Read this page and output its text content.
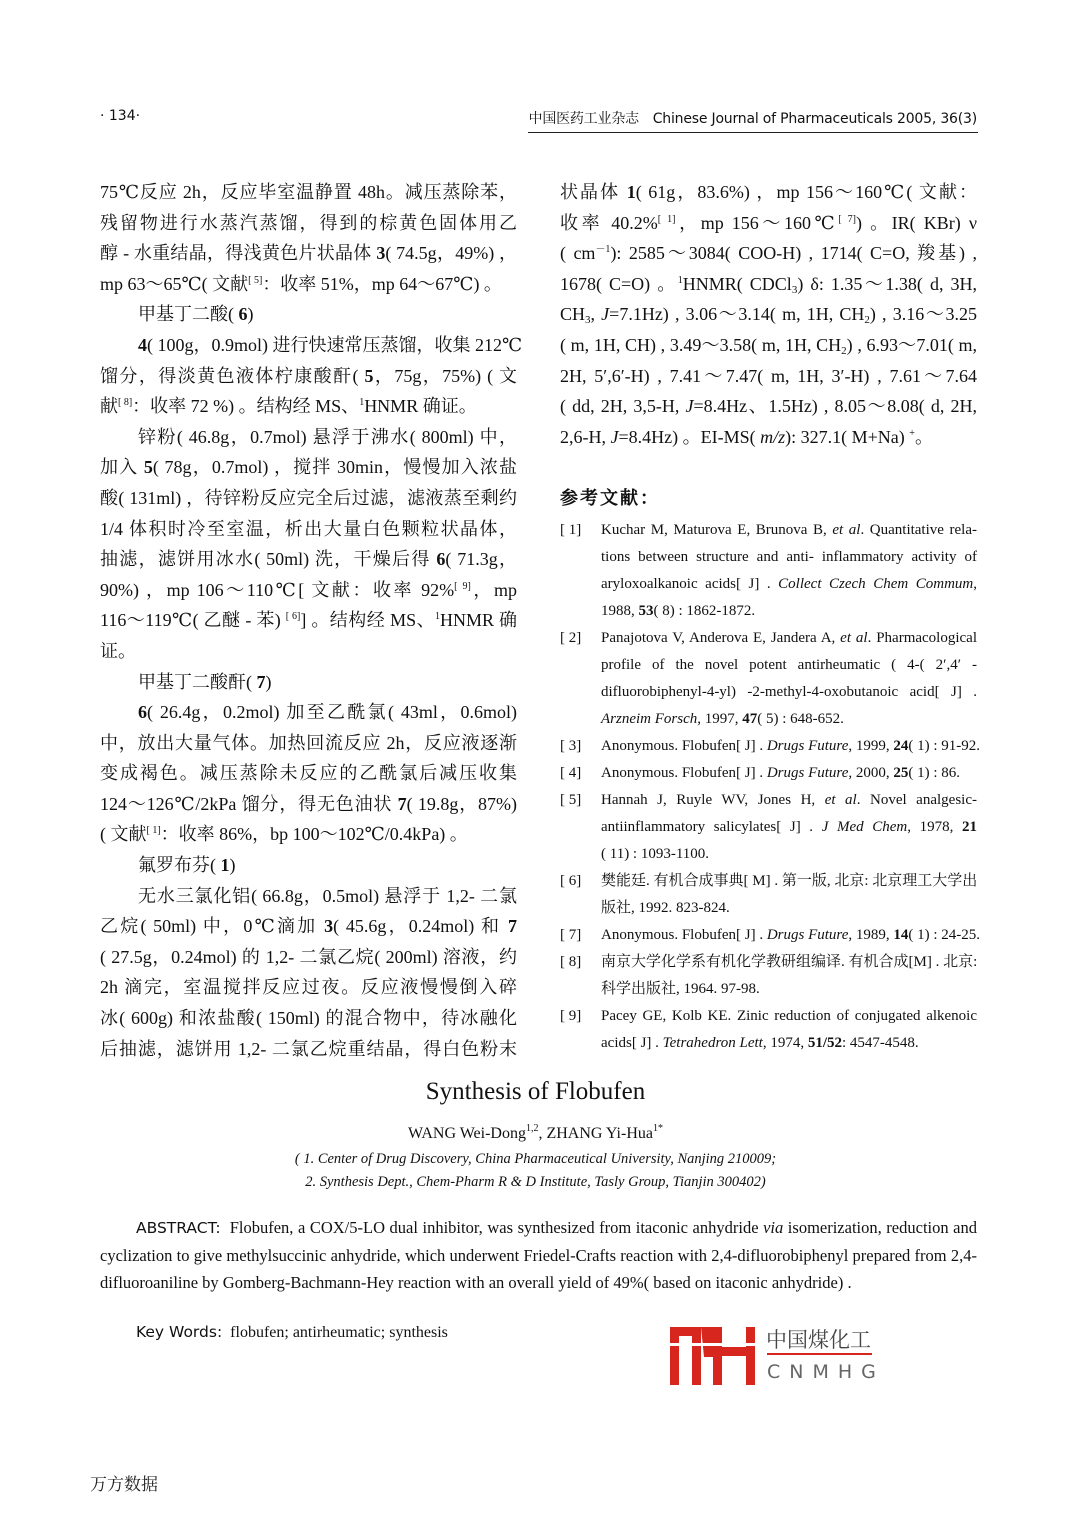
· 134·	中国医药工业杂志　Chinese Journal of Pharmaceuticals 2005, 36(3)
75℃反应 2h，反应毕室温静置 48h。减压蒸除苯，
残留物进行水蒸汽蒸馏，得到的棕黄色固体用乙
醇 - 水重结晶，得浅黄色片状晶体 3( 74.5g，49%) ，
mp 63～65℃( 文献[ 5]：收率 51%，mp 64～67℃) 。
甲基丁二酸( 6)
4( 100g，0.9mol) 进行快速常压蒸馏，收集 212℃
馏分，得淡黄色液体柠康酸酐( 5，75g，75%) ( 文
献[ 8]：收率 72 %) 。结构经 MS、$^1$HNMR 确证。
锌粉( 46.8g，0.7mol) 悬浮于沸水( 800ml) 中，
加入 5( 78g，0.7mol) ，搅拌 30min，慢慢加入浓盐
酸( 131ml) ，待锌粉反应完全后过滤，滤液蒸至剩约
1/4 体积时冷至室温，析出大量白色颗粒状晶体，
抽滤，滤饼用冰水( 50ml) 洗，干燥后得 6( 71.3g，
90%) ，mp 106～110℃[ 文献：收率 92%[ 9]，mp
116～119℃( 乙醚 - 苯) [ 6]] 。结构经 MS、$^1$HNMR 确
证。
甲基丁二酸酐( 7)
6( 26.4g，0.2mol) 加至乙酰氯( 43ml，0.6mol)
中，放出大量气体。加热回流反应 2h，反应液逐渐
变成褐色。减压蒸除未反应的乙酰氯后减压收集
124～126℃/2kPa 馏分，得无色油状 7( 19.8g，87%)
( 文献[ 1]：收率 86%，bp 100～102℃/0.4kPa) 。
氟罗布芬( 1)
无水三氯化铝( 66.8g，0.5mol) 悬浮于 1,2- 二氯
乙烷( 50ml) 中，0℃滴加 3( 45.6g，0.24mol) 和 7
( 27.5g，0.24mol) 的 1,2- 二氯乙烷( 200ml) 溶液，约
2h 滴完，室温搅拌反应过夜。反应液慢慢倒入碎
冰( 600g) 和浓盐酸( 150ml) 的混合物中，待冰融化
后抽滤，滤饼用 1,2- 二氯乙烷重结晶，得白色粉末
状晶体 1( 61g，83.6%) ，mp 156～160℃( 文献：
收率 40.2%[ 1]，mp 156～160℃[ 7]) 。IR( KBr) ν
( $cm^{-1}$): 2585～3084( COO-H) , 1714( C=O, 羧基) ,
1678( C=O) 。$^1$HNMR( CDCl$_3$) δ: 1.35～1.38( d, 3H,
$CH_3$, J=7.1Hz) , 3.06～3.14( m, 1H, $CH_2$) , 3.16～3.25
( m, 1H, CH) , 3.49～3.58( m, 1H, $CH_2$) , 6.93～7.01( m,
2H, 5′,6′-H) , 7.41～7.47( m, 1H, 3′-H) , 7.61～7.64
( dd, 2H, 3,5-H, J=8.4Hz、1.5Hz) , 8.05～8.08( d, 2H,
2,6-H, J=8.4Hz) 。EI-MS( m/z): 327.1( M+Na) +。
参考文献：
[ 1]	Kuchar M, Maturova E, Brunova B, et al. Quantitative rela-
tions between structure and anti- inflammatory activity of
aryloxoalkanoic acids[ J] . Collect Czech Chem Commum,
1988, 53( 8) : 1862-1872.
[ 2]	Panajotova V, Anderova E, Jandera A, et al. Pharmacological
profile of the novel potent antirheumatic ( 4-( 2′,4′ -
difluorobiphenyl-4-yl) -2-methyl-4-oxobutanoic acid[ J] .
Arzneim Forsch, 1997, 47( 5) : 648-652.
[ 3]	Anonymous. Flobufen[ J] . Drugs Future, 1999, 24( 1) : 91-92.
[ 4]	Anonymous. Flobufen[ J] . Drugs Future, 2000, 25( 1) : 86.
[ 5]	Hannah J, Ruyle WV, Jones H, et al. Novel analgesic-
antiinflammatory salicylates[ J] . J Med Chem, 1978, 21
( 11) : 1093-1100.
[ 6]	樊能廷. 有机合成事典[ M] . 第一版, 北京: 北京理工大学出
版社, 1992. 823-824.
[ 7]	Anonymous. Flobufen[ J] . Drugs Future, 1989, 14( 1) : 24-25.
[ 8]	南京大学化学系有机化学教研组编译. 有机合成[M] . 北京:
科学出版社, 1964. 97-98.
[ 9]	Pacey GE, Kolb KE. Zinic reduction of conjugated alkenoic
acids[ J] . Tetrahedron Lett, 1974, 51/52: 4547-4548.
Synthesis of Flobufen
WANG Wei-Dong$^{1,2}$, ZHANG Yi-Hua$^{1*}$
( 1. Center of Drug Discovery, China Pharmaceutical University, Nanjing 210009;
2. Synthesis Dept., Chem-Pharm R & D Institute, Tasly Group, Tianjin 300402)
ABSTRACT: Flobufen, a COX/5-LO dual inhibitor, was synthesized from itaconic anhydride via isomerization, reduction and cyclization to give methylsuccinic anhydride, which underwent Friedel-Crafts reaction with 2,4-difluorobiphenyl prepared from 2,4-difluoroaniline by Gomberg-Bachmann-Hey reaction with an overall yield of 49%( based on itaconic anhydride) .
Key Words: flobufen; antirheumatic; synthesis	中国煤化工
CNMHG
万方数据
